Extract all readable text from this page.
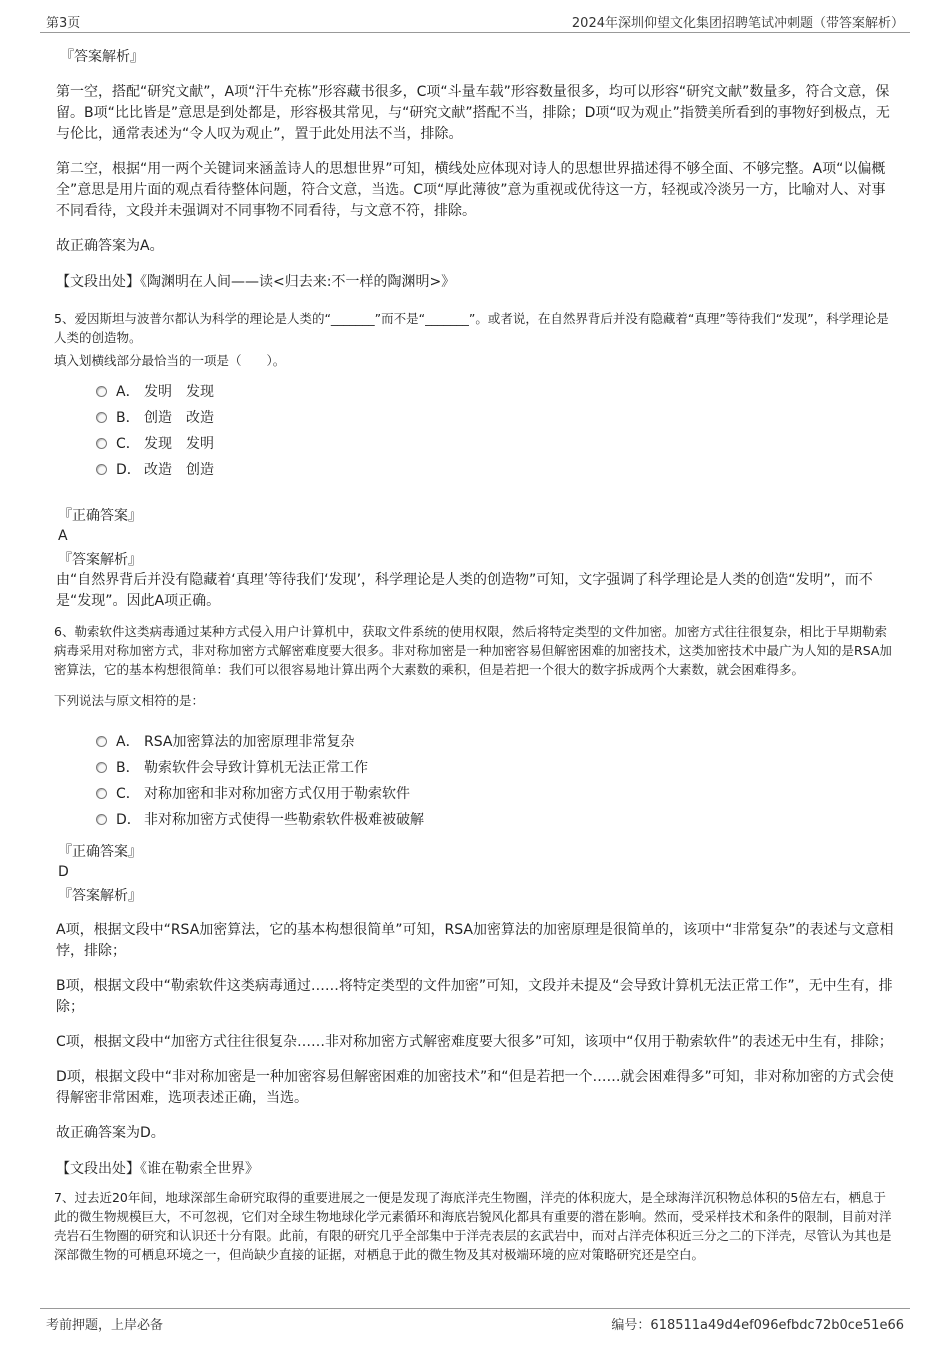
第3页	2024年深圳仰望文化集团招聘笔试冲刺题（带答案解析）
『答案解析』
第一空，搭配“研究文献”，A项“汗牛充栋”形容藏书很多，C项“斗量车载”形容数量很多，均可以形容“研究文献”数量多，符合文意，保留。B项“比比皆是”意思是到处都是，形容极其常见，与“研究文献”搭配不当，排除；D项“叹为观止”指赞美所看到的事物好到极点，无与伦比，通常表述为“令人叹为观止”，置于此处用法不当，排除。
第二空，根据“用一两个关键词来涵盖诗人的思想世界”可知，横线处应体现对诗人的思想世界描述得不够全面、不够完整。A项“以偏概全”意思是用片面的观点看待整体问题，符合文意，当选。C项“厚此薄彼”意为重视或优待这一方，轻视或冷淡另一方，比喻对人、对事不同看待，文段并未强调对不同事物不同看待，与文意不符，排除。
故正确答案为A。
【文段出处】《陶渊明在人间——读<归去来:不一样的陶渊明>》
5、爱因斯坦与波普尔都认为科学的理论是人类的“_______”而不是“_______”。或者说，在自然界背后并没有隐藏着“真理”等待我们“发现”，科学理论是人类的创造物。
填入划横线部分最恰当的一项是（　　）。
A． 发明　发现
B． 创造　改造
C． 发现　发明
D． 改造　创造
『正确答案』
A
『答案解析』
由“自然界背后并没有隐藏着‘真理’等待我们‘发现’，科学理论是人类的创造物”可知，文字强调了科学理论是人类的创造“发明”，而不是“发现”。因此A项正确。
6、勒索软件这类病毒通过某种方式侵入用户计算机中，获取文件系统的使用权限，然后将特定类型的文件加密。加密方式往往很复杂，相比于早期勒索病毒采用对称加密方式，非对称加密方式解密难度要大很多。非对称加密是一种加密容易但解密困难的加密技术，这类加密技术中最广为人知的是RSA加密算法，它的基本构想很简单：我们可以很容易地计算出两个大素数的乘积，但是若把一个很大的数字拆成两个大素数，就会困难得多。
下列说法与原文相符的是：
A． RSA加密算法的加密原理非常复杂
B． 勒索软件会导致计算机无法正常工作
C． 对称加密和非对称加密方式仅用于勒索软件
D． 非对称加密方式使得一些勒索软件极难被破解
『正确答案』
D
『答案解析』
A项，根据文段中“RSA加密算法，它的基本构想很简单”可知，RSA加密算法的加密原理是很简单的，该项中“非常复杂”的表述与文意相悖，排除；
B项，根据文段中“勒索软件这类病毒通过……将特定类型的文件加密”可知，文段并未提及“会导致计算机无法正常工作”，无中生有，排除；
C项，根据文段中“加密方式往往很复杂……非对称加密方式解密难度要大很多”可知，该项中“仅用于勒索软件”的表述无中生有，排除；
D项，根据文段中“非对称加密是一种加密容易但解密困难的加密技术”和“但是若把一个……就会困难得多”可知，非对称加密的方式会使得解密非常困难，选项表述正确，当选。
故正确答案为D。
【文段出处】《谁在勒索全世界》
7、过去近20年间，地球深部生命研究取得的重要进展之一便是发现了海底洋壳生物圈，洋壳的体积庞大，是全球海洋沉积物总体积的5倍左右，栖息于此的微生物规模巨大，不可忽视，它们对全球生物地球化学元素循环和海底岩貌风化都具有重要的潜在影响。然而，受采样技术和条件的限制，目前对洋壳岩石生物圈的研究和认识还十分有限。此前，有限的研究几乎全部集中于洋壳表层的玄武岩中，而对占洋壳体积近三分之二的下洋壳，尽管认为其也是深部微生物的可栖息环境之一，但尚缺少直接的证据，对栖息于此的微生物及其对极端环境的应对策略研究还是空白。
考前押题，上岸必备	编号：618511a49d4ef096efbdc72b0ce51e66
